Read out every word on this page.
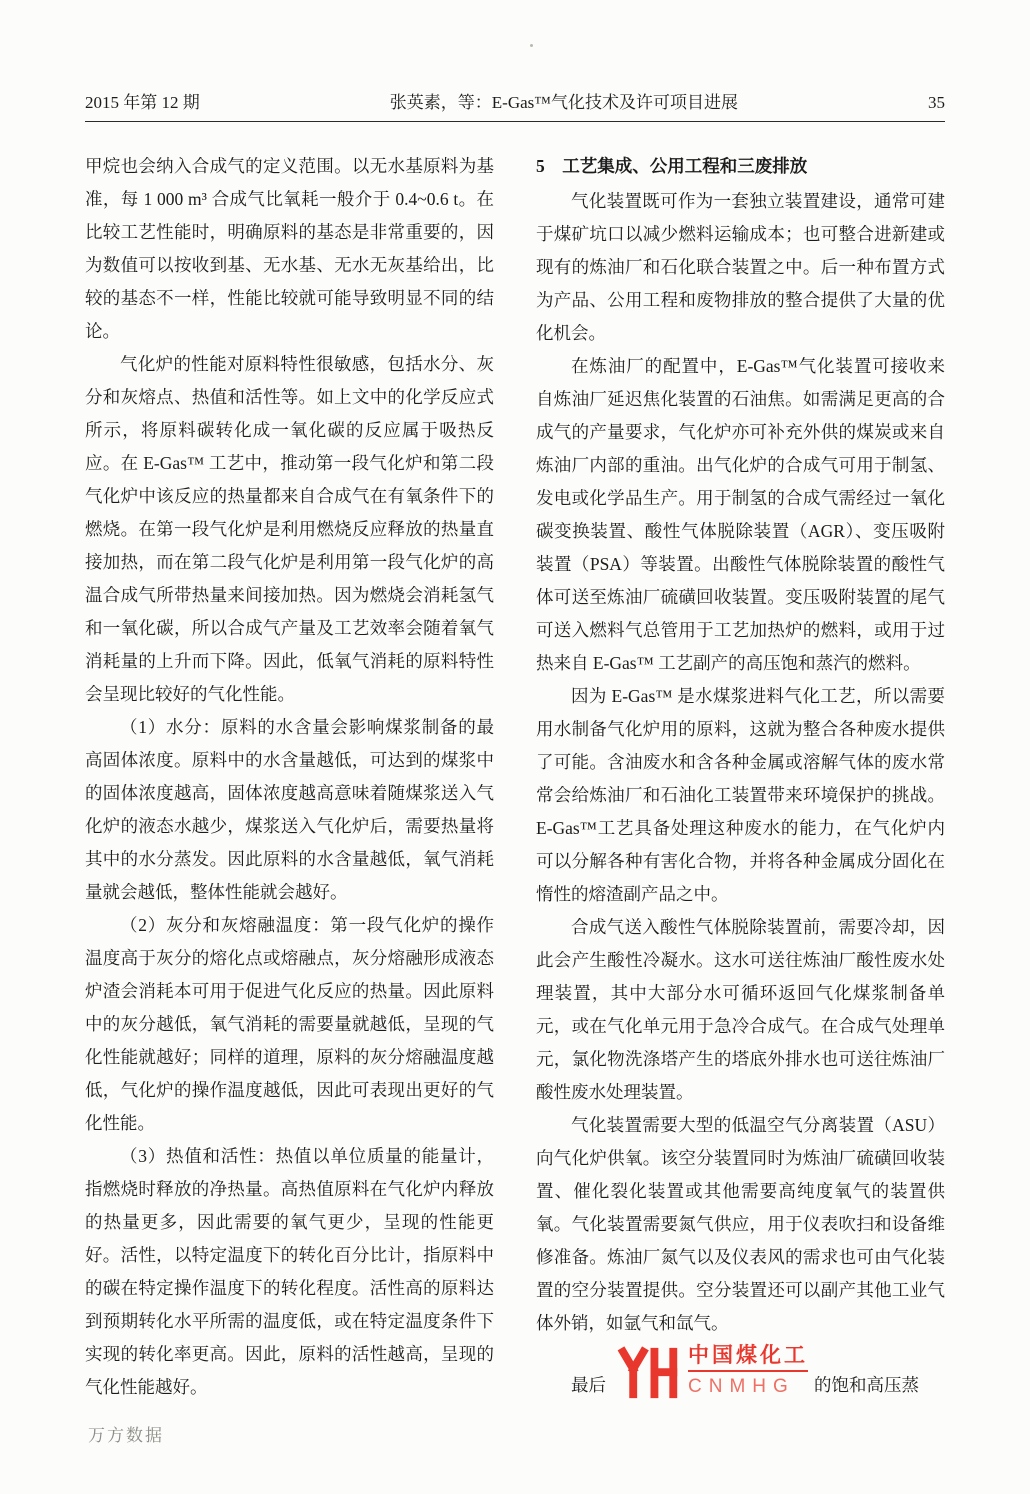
2015 年第 12 期	张英素，等：E-Gas™气化技术及许可项目进展	35

甲烷也会纳入合成气的定义范围。以无水基原料为基准，每 1 000 m³ 合成气比氧耗一般介于 0.4~0.6 t。在比较工艺性能时，明确原料的基态是非常重要的，因为数值可以按收到基、无水基、无水无灰基给出，比较的基态不一样，性能比较就可能导致明显不同的结论。

气化炉的性能对原料特性很敏感，包括水分、灰分和灰熔点、热值和活性等。如上文中的化学反应式所示，将原料碳转化成一氧化碳的反应属于吸热反应。在 E-Gas™ 工艺中，推动第一段气化炉和第二段气化炉中该反应的热量都来自合成气在有氧条件下的燃烧。在第一段气化炉是利用燃烧反应释放的热量直接加热，而在第二段气化炉是利用第一段气化炉的高温合成气所带热量来间接加热。因为燃烧会消耗氢气和一氧化碳，所以合成气产量及工艺效率会随着氧气消耗量的上升而下降。因此，低氧气消耗的原料特性会呈现比较好的气化性能。

（1）水分：原料的水含量会影响煤浆制备的最高固体浓度。原料中的水含量越低，可达到的煤浆中的固体浓度越高，固体浓度越高意味着随煤浆送入气化炉的液态水越少，煤浆送入气化炉后，需要热量将其中的水分蒸发。因此原料的水含量越低，氧气消耗量就会越低，整体性能就会越好。

（2）灰分和灰熔融温度：第一段气化炉的操作温度高于灰分的熔化点或熔融点，灰分熔融形成液态炉渣会消耗本可用于促进气化反应的热量。因此原料中的灰分越低，氧气消耗的需要量就越低，呈现的气化性能就越好；同样的道理，原料的灰分熔融温度越低，气化炉的操作温度越低，因此可表现出更好的气化性能。

（3）热值和活性：热值以单位质量的能量计，指燃烧时释放的净热量。高热值原料在气化炉内释放的热量更多，因此需要的氧气更少，呈现的性能更好。活性，以特定温度下的转化百分比计，指原料中的碳在特定操作温度下的转化程度。活性高的原料达到预期转化水平所需的温度低，或在特定温度条件下实现的转化率更高。因此，原料的活性越高，呈现的气化性能越好。

5　工艺集成、公用工程和三废排放

气化装置既可作为一套独立装置建设，通常可建于煤矿坑口以减少燃料运输成本；也可整合进新建或现有的炼油厂和石化联合装置之中。后一种布置方式为产品、公用工程和废物排放的整合提供了大量的优化机会。

在炼油厂的配置中，E-Gas™气化装置可接收来自炼油厂延迟焦化装置的石油焦。如需满足更高的合成气的产量要求，气化炉亦可补充外供的煤炭或来自炼油厂内部的重油。出气化炉的合成气可用于制氢、发电或化学品生产。用于制氢的合成气需经过一氧化碳变换装置、酸性气体脱除装置（AGR）、变压吸附装置（PSA）等装置。出酸性气体脱除装置的酸性气体可送至炼油厂硫磺回收装置。变压吸附装置的尾气可送入燃料气总管用于工艺加热炉的燃料，或用于过热来自 E-Gas™ 工艺副产的高压饱和蒸汽的燃料。

因为 E-Gas™ 是水煤浆进料气化工艺，所以需要用水制备气化炉用的原料，这就为整合各种废水提供了可能。含油废水和含各种金属或溶解气体的废水常常会给炼油厂和石油化工装置带来环境保护的挑战。E-Gas™工艺具备处理这种废水的能力，在气化炉内可以分解各种有害化合物，并将各种金属成分固化在惰性的熔渣副产品之中。

合成气送入酸性气体脱除装置前，需要冷却，因此会产生酸性冷凝水。这水可送往炼油厂酸性废水处理装置，其中大部分水可循环返回气化煤浆制备单元，或在气化单元用于急冷合成气。在合成气处理单元，氯化物洗涤塔产生的塔底外排水也可送往炼油厂酸性废水处理装置。

气化装置需要大型的低温空气分离装置（ASU）向气化炉供氧。该空分装置同时为炼油厂硫磺回收装置、催化裂化装置或其他需要高纯度氧气的装置供氧。气化装置需要氮气供应，用于仪表吹扫和设备维修准备。炼油厂氮气以及仪表风的需求也可由气化装置的空分装置提供。空分装置还可以副产其他工业气体外销，如氩气和氙气。

最后
中国煤化工
CNMHG 的饱和高压蒸
万方数据
